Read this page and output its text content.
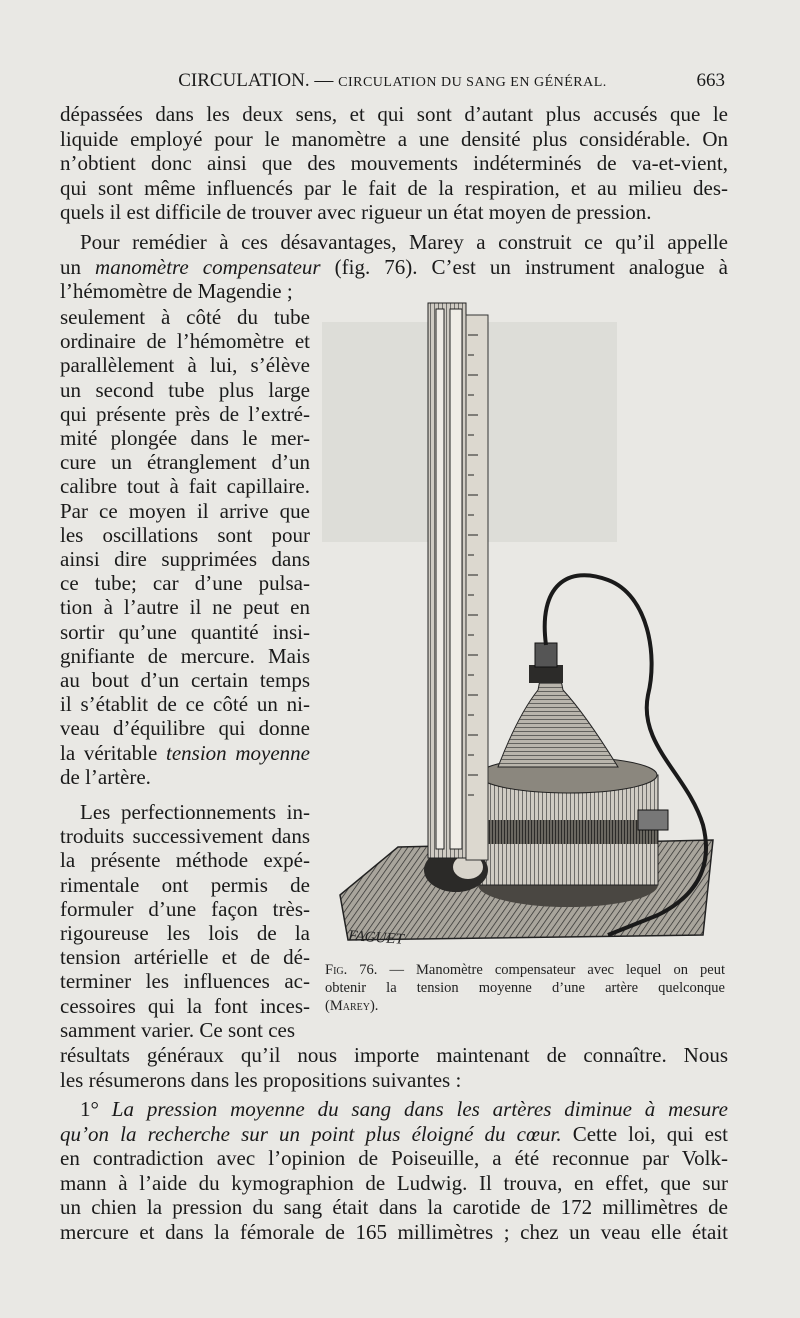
CIRCULATION. — CIRCULATION DU SANG EN GÉNÉRAL.	663

dépassées dans les deux sens, et qui sont d’autant plus accusés que le

liquide employé pour le manomètre a une densité plus considérable. On

n’obtient donc ainsi que des mouvements indéterminés de va-et-vient,

qui sont même influencés par le fait de la respiration, et au milieu des-

quels il est difficile de trouver avec rigueur un état moyen de pression.

Pour remédier à ces désavantages, Marey a construit ce qu’il appelle

un manomètre compensateur (fig. 76). C’est un instrument analogue à

l’hémomètre de Magendie ;

seulement à côté du tube

ordinaire de l’hémomètre et

parallèlement à lui, s’élève

un second tube plus large

qui présente près de l’extré-

mité plongée dans le mer-

cure un étranglement d’un

calibre tout à fait capillaire.

Par ce moyen il arrive que

les oscillations sont pour

ainsi dire supprimées dans

ce tube; car d’une pulsa-

tion à l’autre il ne peut en

sortir qu’une quantité insi-

gnifiante de mercure. Mais

au bout d’un certain temps

il s’établit de ce côté un ni-

veau d’équilibre qui donne

la véritable tension moyenne

de l’artère.

Les perfectionnements in-

troduits successivement dans

la présente méthode expé-

rimentale ont permis de

formuler d’une façon très-

rigoureuse les lois de la

tension artérielle et de dé-

terminer les influences ac-

cessoires qui la font inces-

samment varier. Ce sont ces

FAGUET

Fig. 76. — Manomètre compensateur avec lequel on peut

obtenir la tension moyenne d’une artère quelconque

(Marey).

résultats généraux qu’il nous importe maintenant de connaître. Nous

les résumerons dans les propositions suivantes :

1° La pression moyenne du sang dans les artères diminue à mesure

qu’on la recherche sur un point plus éloigné du cœur. Cette loi, qui est

en contradiction avec l’opinion de Poiseuille, a été reconnue par Volk-

mann à l’aide du kymographion de Ludwig. Il trouva, en effet, que sur

un chien la pression du sang était dans la carotide de 172 millimètres de

mercure et dans la fémorale de 165 millimètres ; chez un veau elle était
